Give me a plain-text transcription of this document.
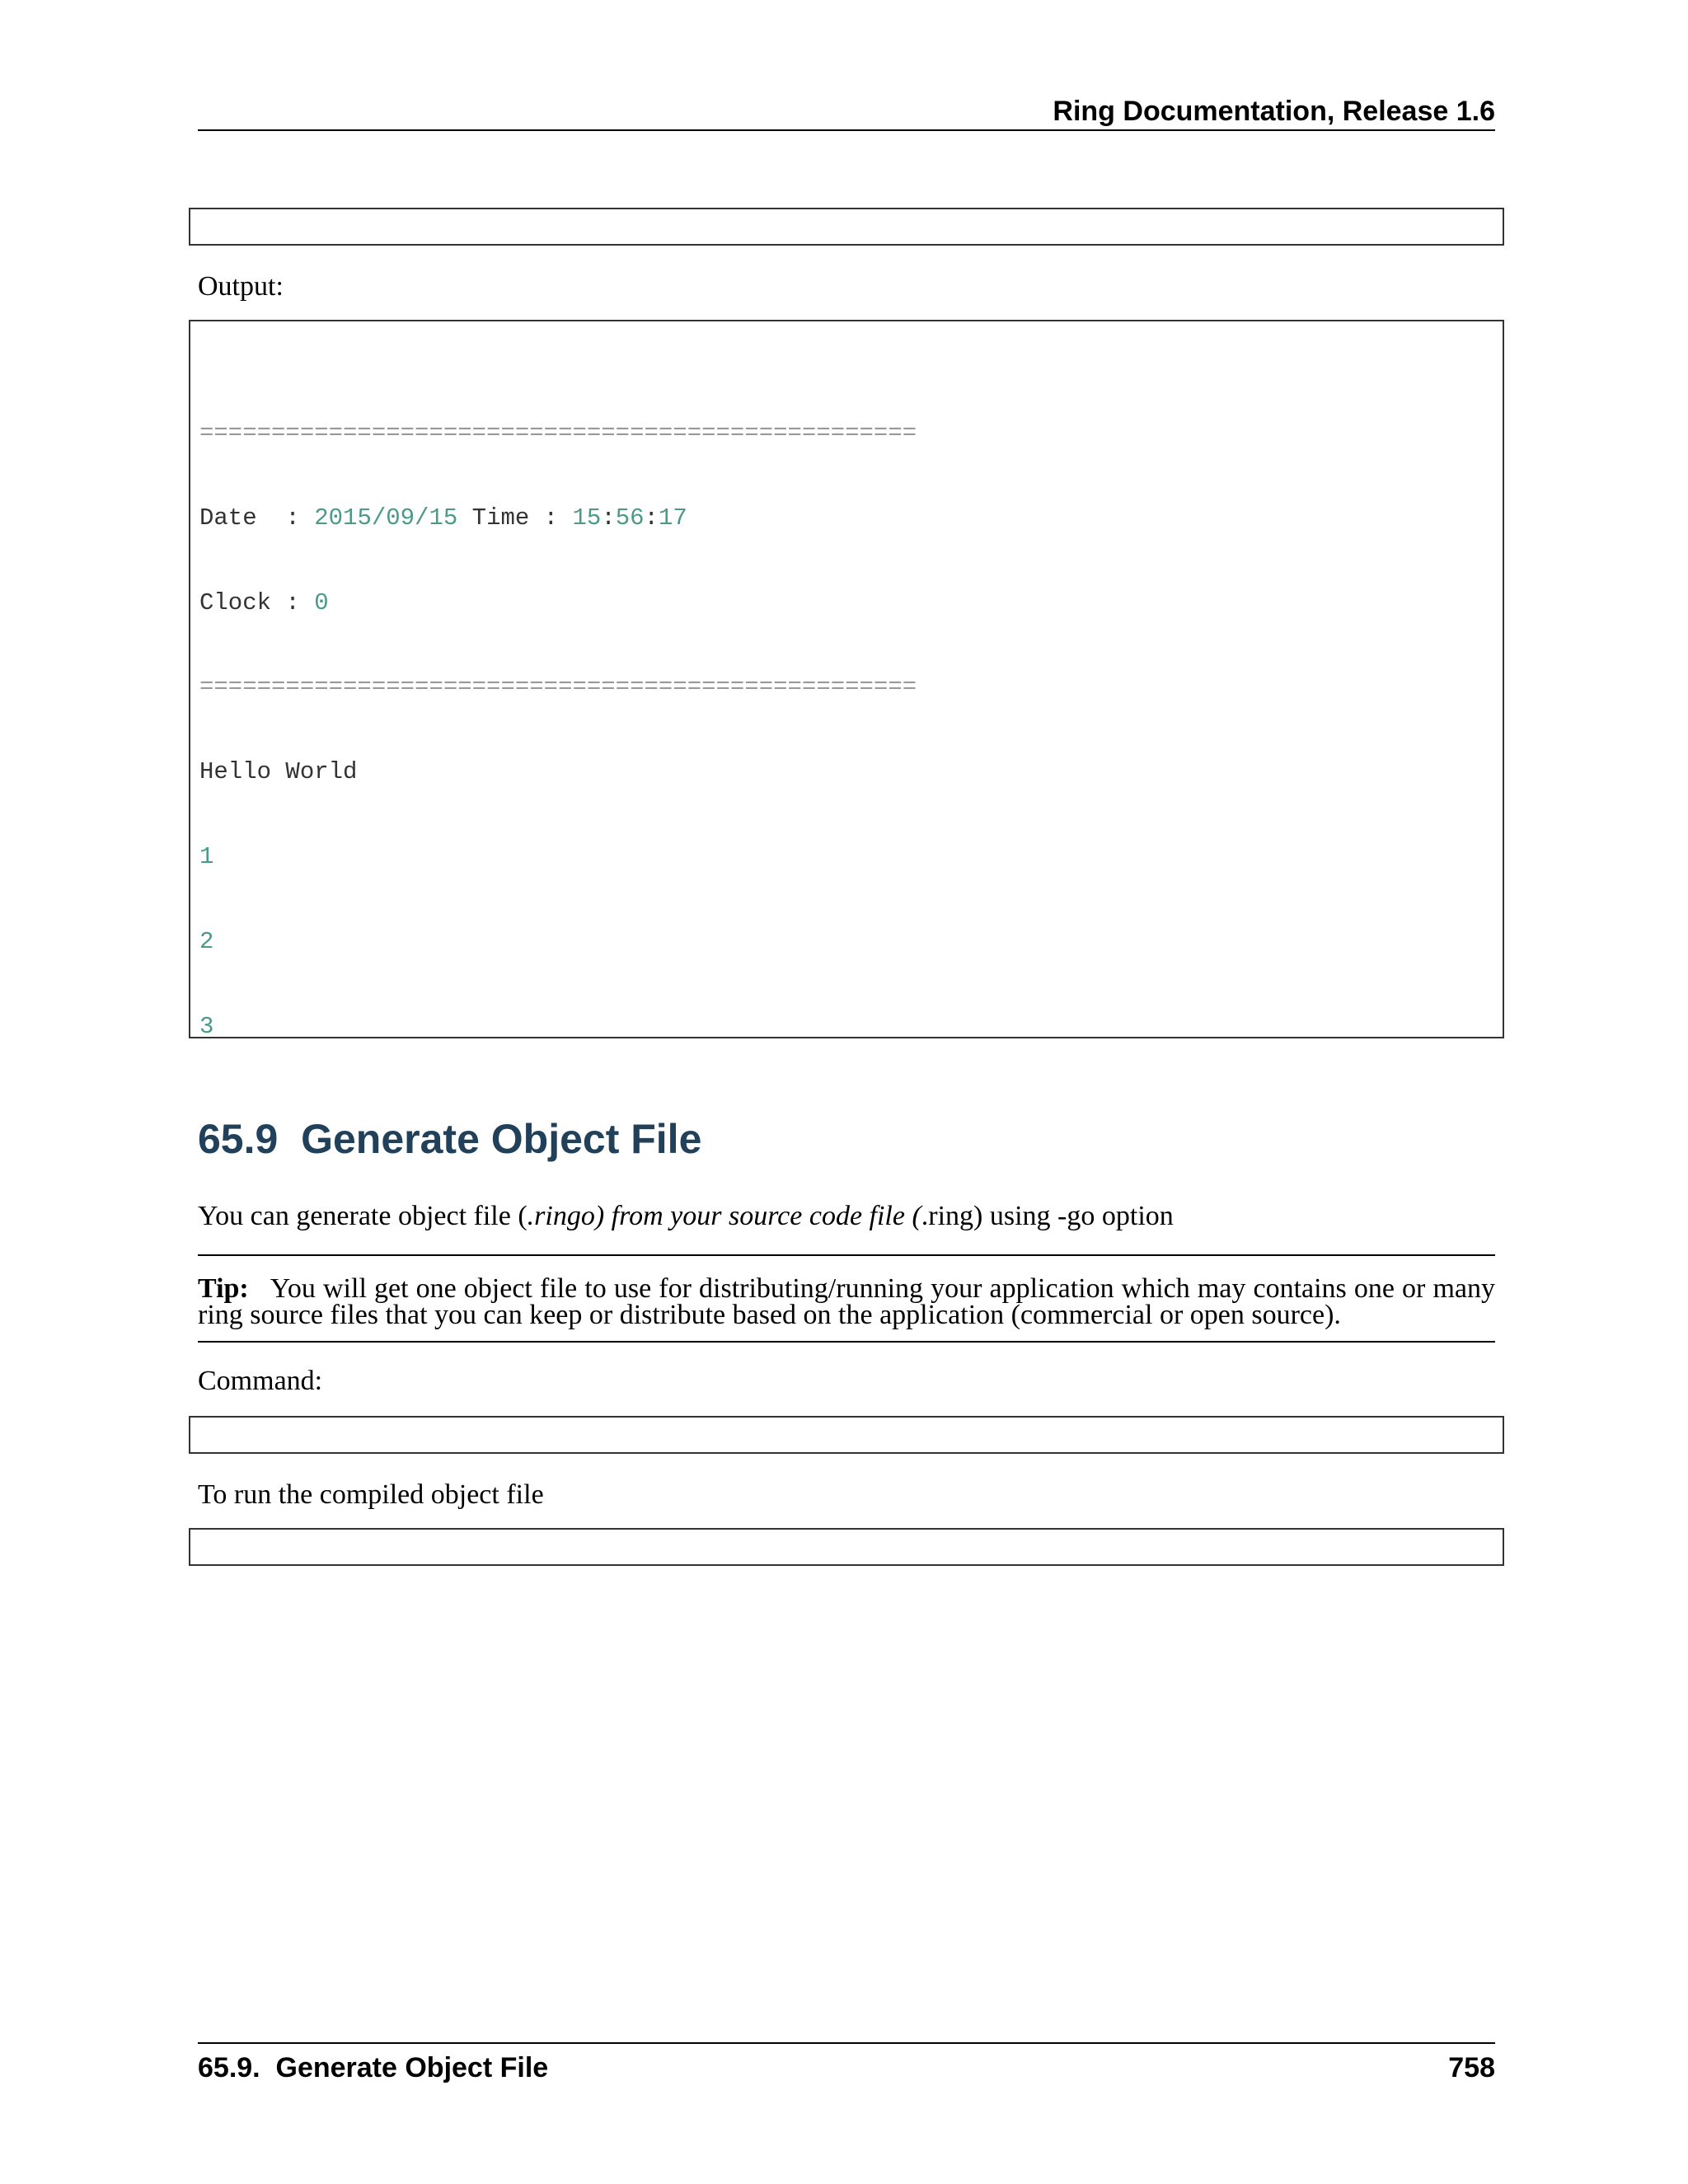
Ring Documentation, Release 1.6

Output:

==================================================

Date  : 2015/09/15 Time : 15:56:17

Clock : 0

==================================================

Hello World

1

2

3

65.9  Generate Object File
You can generate object file (.ringo) from your source code file (.ring) using -go option
Tip: You will get one object file to use for distributing/running your application which may contains one or many ring source files that you can keep or distribute based on the application (commercial or open source).
Command:

To run the compiled object file

65.9.  Generate Object File	758
